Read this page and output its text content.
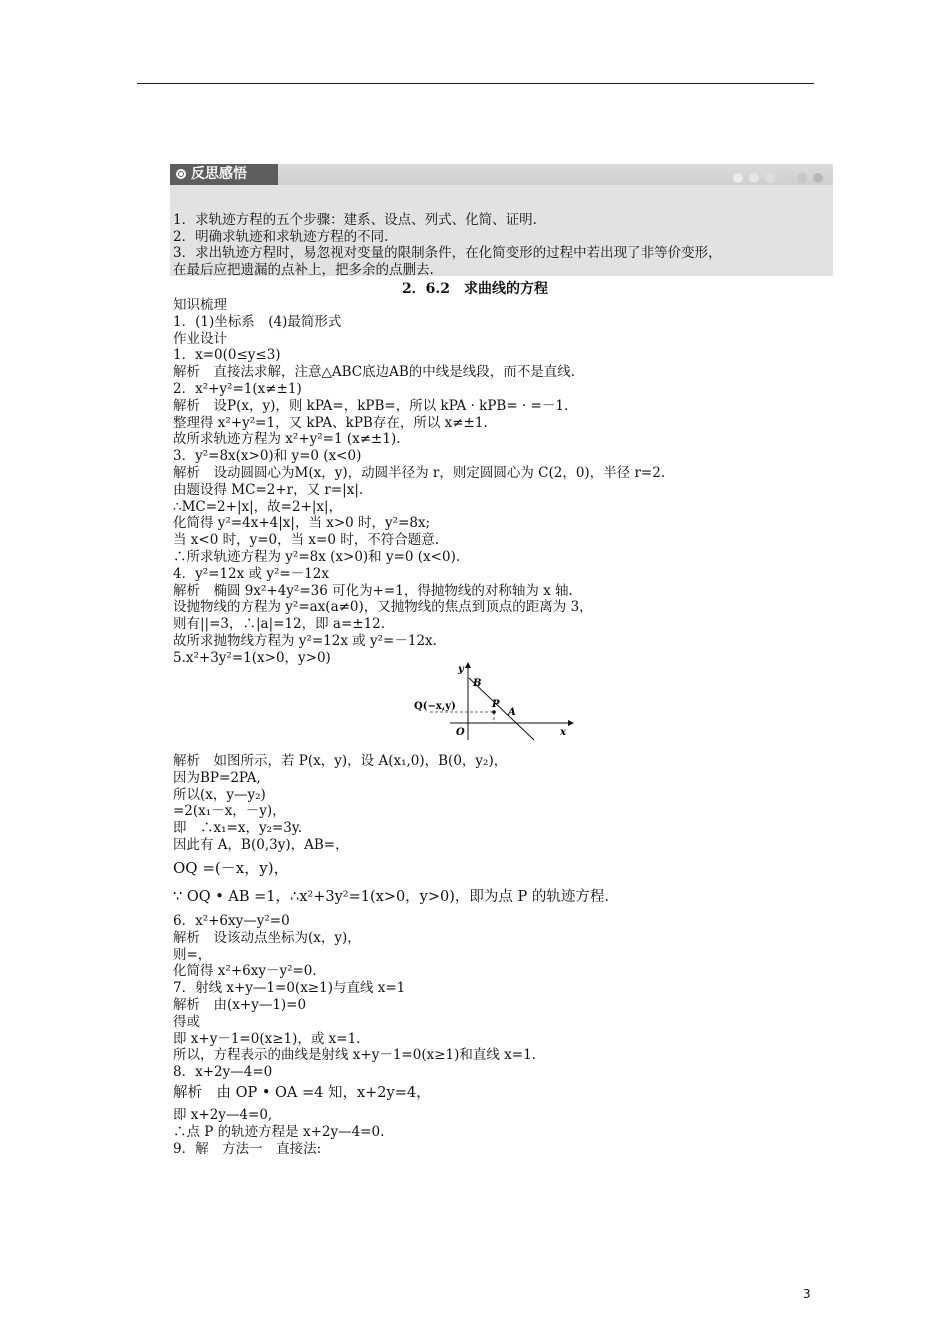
反思感悟
1．求轨迹方程的五个步骤：建系、设点、列式、化简、证明.
2．明确求轨迹和求轨迹方程的不同.
3．求出轨迹方程时，易忽视对变量的限制条件，在化简变形的过程中若出现了非等价变形，
在最后应把遗漏的点补上，把多余的点删去.
2．6.2　求曲线的方程
知识梳理
1．(1)坐标系　(4)最简形式
作业设计
1．x=0(0≤y≤3)
解析　直接法求解，注意△ABC底边AB的中线是线段，而不是直线.
2．x²+y²=1(x≠±1)
解析　设P(x，y)，则 kPA=，kPB=，所以 kPA · kPB= · =－1.
整理得 x²+y²=1，又 kPA、kPB存在，所以 x≠±1.
故所求轨迹方程为 x²+y²=1 (x≠±1).
3．y²=8x(x>0)和 y=0 (x<0)
解析　设动圆圆心为M(x，y)，动圆半径为 r，则定圆圆心为 C(2，0)，半径 r=2.
由题设得 MC=2+r，又 r=|x|.
∴MC=2+|x|，故=2+|x|，
化简得 y²=4x+4|x|，当 x>0 时，y²=8x;
当 x<0 时，y=0，当 x=0 时，不符合题意.
∴所求轨迹方程为 y²=8x (x>0)和 y=0 (x<0).
4．y²=12x 或 y²=－12x
解析　椭圆 9x²+4y²=36 可化为+=1，得抛物线的对称轴为 x 轴.
设抛物线的方程为 y²=ax(a≠0)，又抛物线的焦点到顶点的距离为 3，
则有||=3，∴|a|=12，即 a=±12.
故所求抛物线方程为 y²=12x 或 y²=－12x.
5.x²+3y²=1(x>0，y>0)
y
B
Q(−x,y)	P
A
O	x
解析　如图所示，若 P(x，y)，设 A(x₁,0)，B(0，y₂)，
因为BP=2PA,
所以(x，y—y₂)
=2(x₁－x，－y)，
即　∴x₁=x，y₂=3y.
因此有 A，B(0,3y)，AB=，
OQ =(－x，y)，
∵ OQ • AB =1，∴x²+3y²=1(x>0，y>0)，即为点 P 的轨迹方程.
6．x²+6xy—y²=0
解析　设该动点坐标为(x，y)，
则=，
化简得 x²+6xy－y²=0.
7．射线 x+y—1=0(x≥1)与直线 x=1
解析　由(x+y—1)=0
得或
即 x+y－1=0(x≥1)，或 x=1.
所以，方程表示的曲线是射线 x+y－1=0(x≥1)和直线 x=1.
8．x+2y—4=0
解析　由 OP • OA =4 知，x+2y=4，
即 x+2y—4=0,
∴点 P 的轨迹方程是 x+2y—4=0.
9．解　方法一　直接法:
3
